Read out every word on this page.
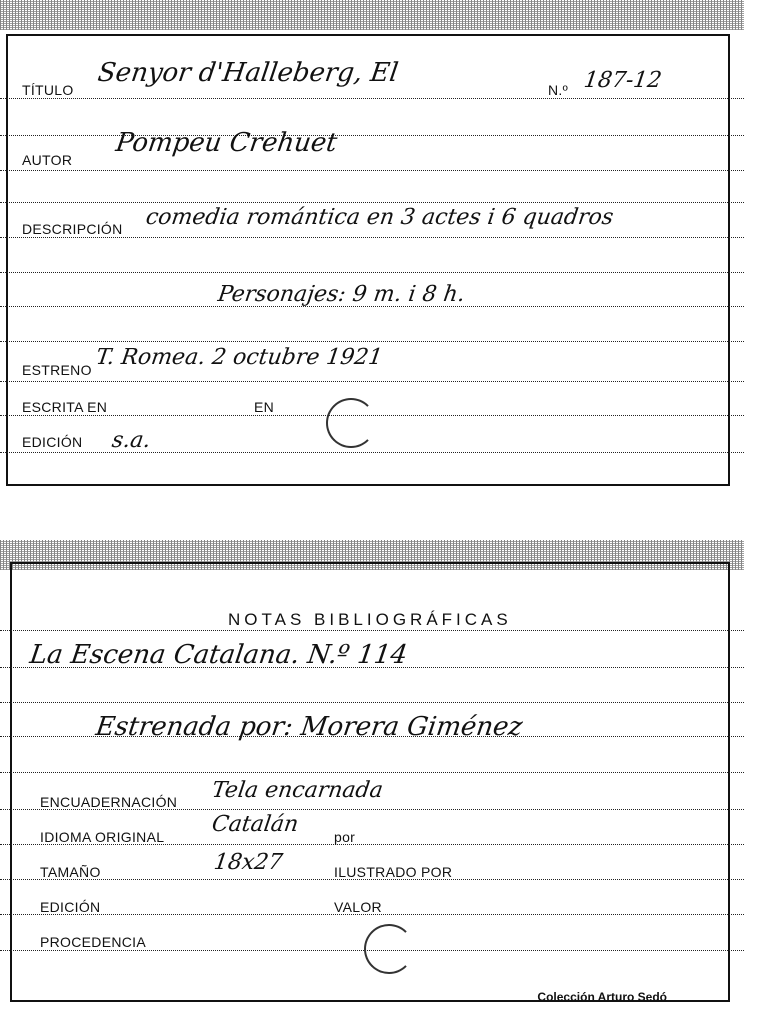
TÍTULO
Senyor d'Halleberg, El
N.º 187-12
AUTOR
Pompeu Crehuet
DESCRIPCIÓN comedia romántica en 3 actes i 6 quadros
Personajes: 9 m. i 8 h.
ESTRENO T. Romea. 2 octubre 1921
ESCRITA EN	EN
EDICIÓN s.a.
NOTAS BIBLIOGRÁFICAS
La Escena Catalana. N.º 114
Estrenada por: Morera Giménez
ENCUADERNACIÓN Tela encarnada
IDIOMA ORIGINAL Catalán por
TAMAÑO	18x27	ILUSTRADO POR
EDICIÓN	VALOR
PROCEDENCIA
Colección Arturo Sedó
